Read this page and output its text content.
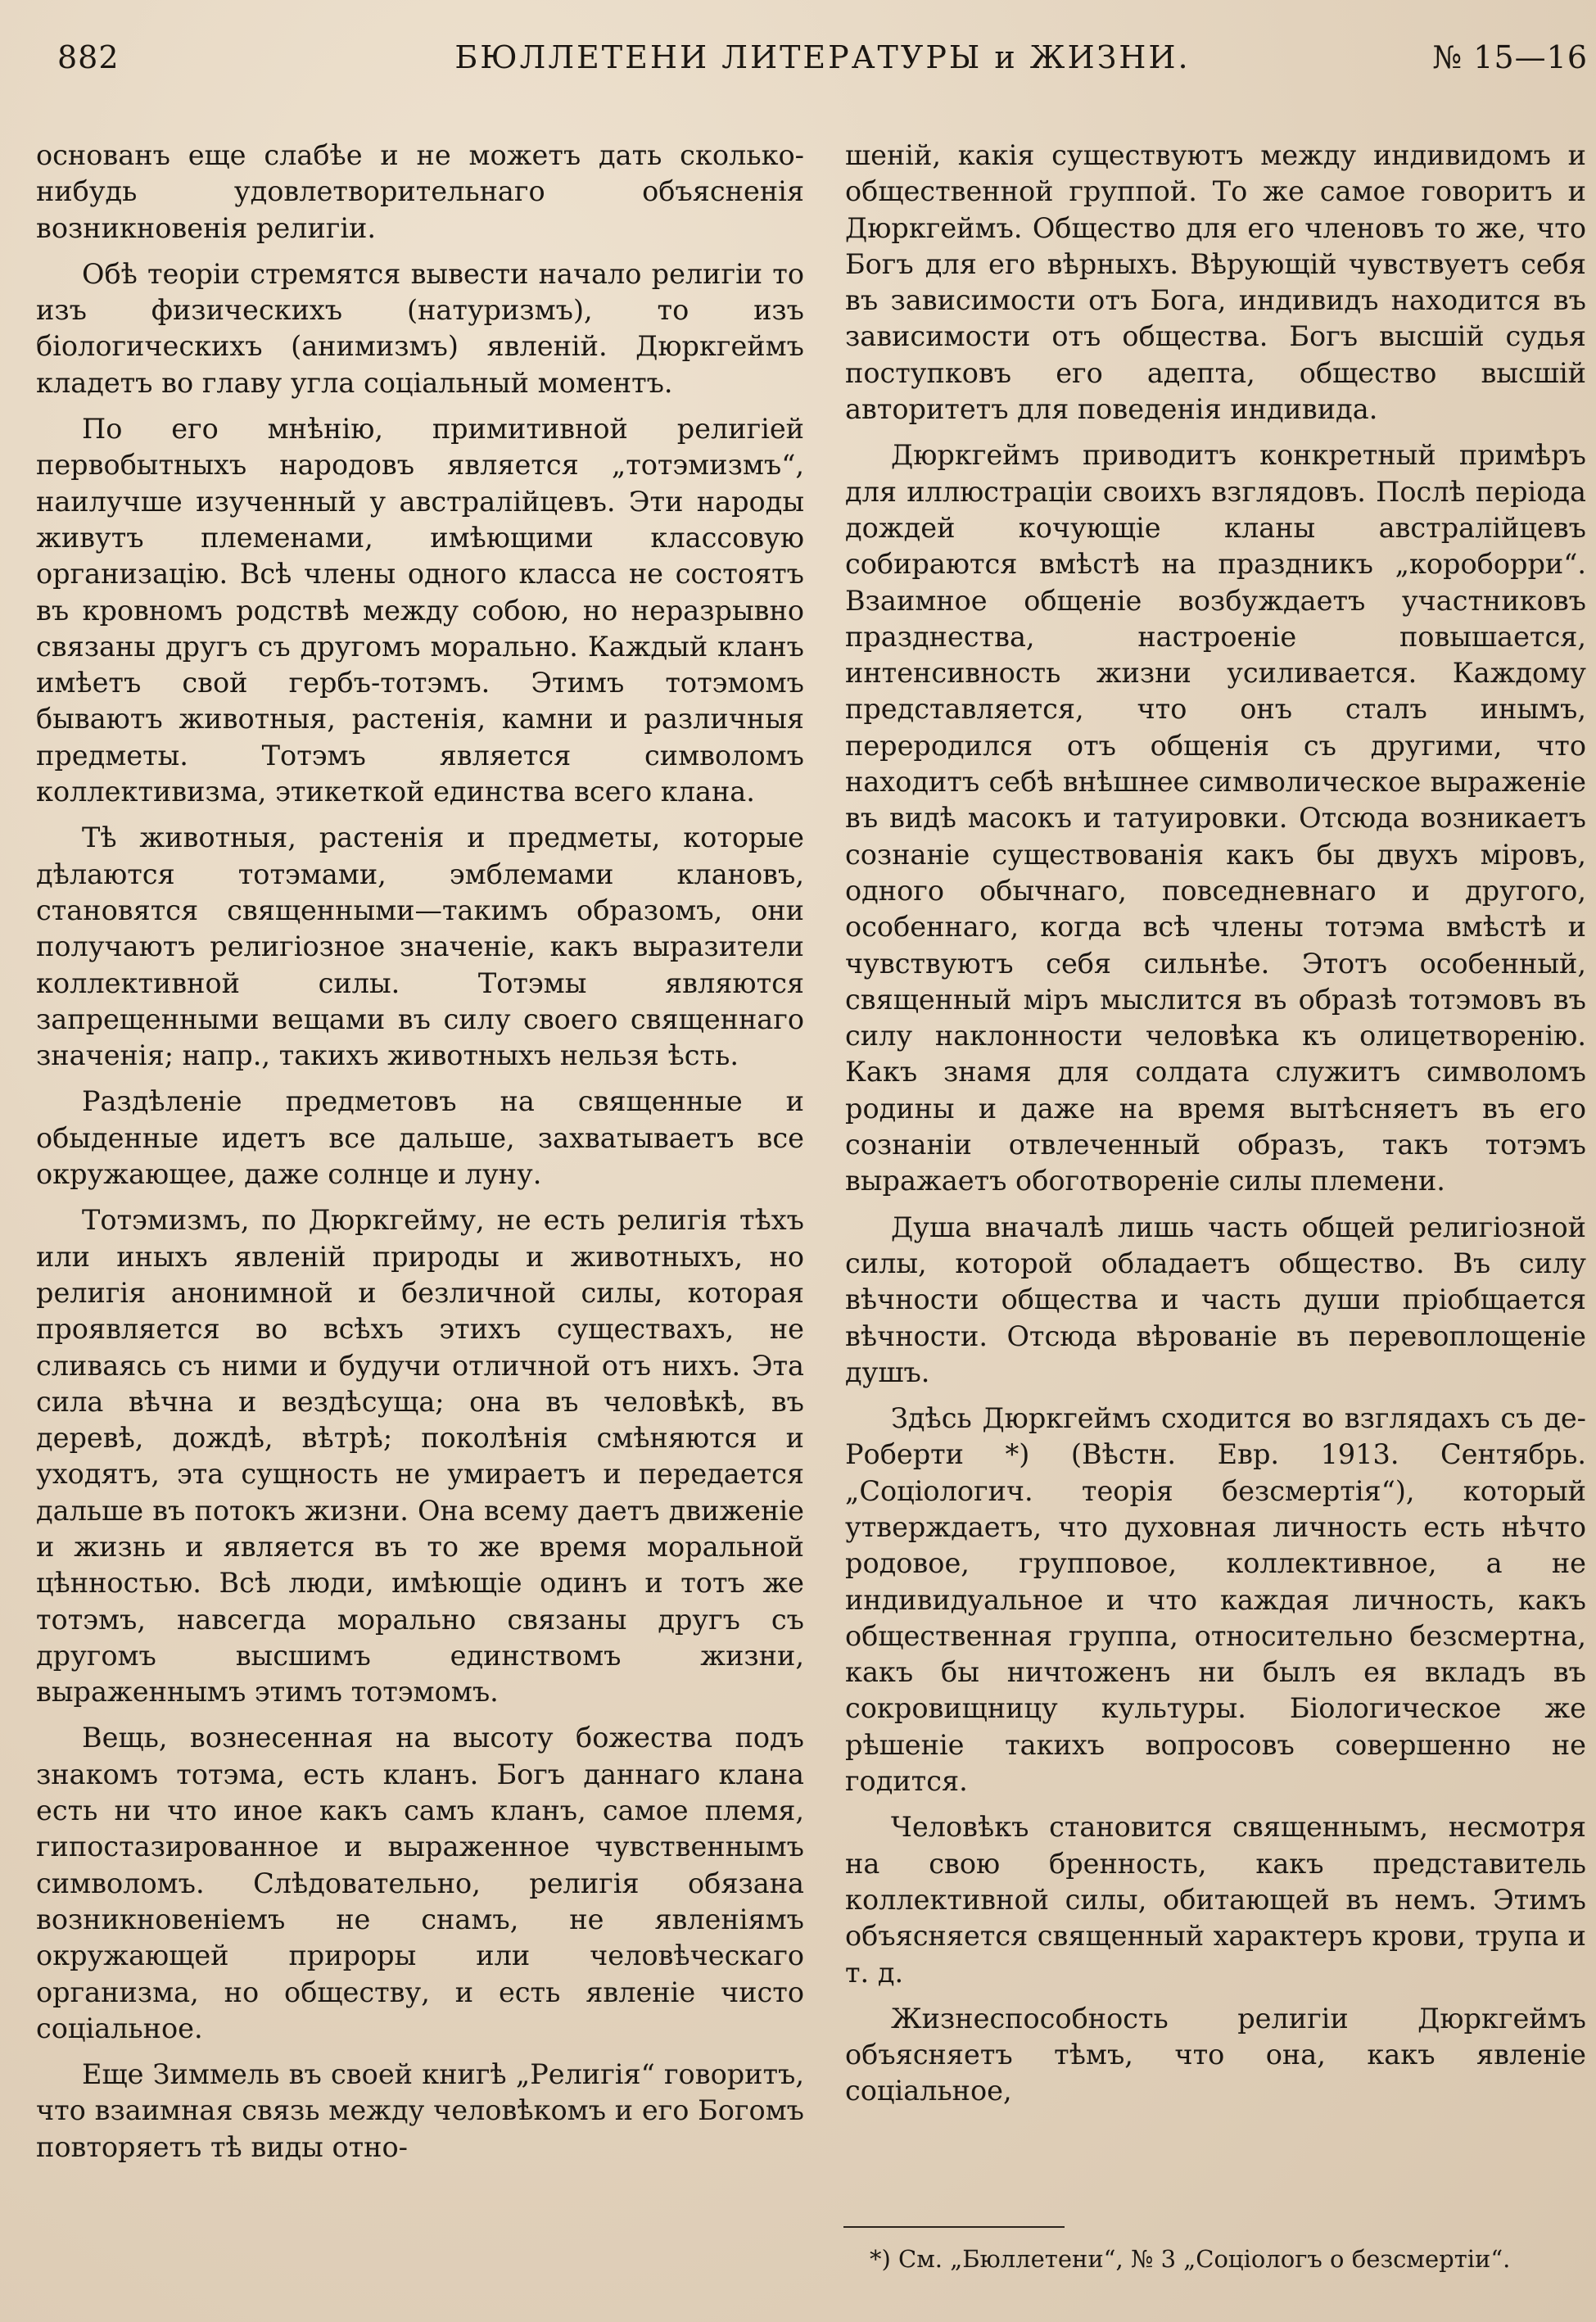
882	БЮЛЛЕТЕНИ ЛИТЕРАТУРЫ и ЖИЗНИ.	№ 15—16

основанъ еще слабѣе и не можетъ дать сколько-нибудь удовлетворительнаго объясненія возникновенія религіи.

Обѣ теоріи стремятся вывести начало религіи то изъ физическихъ (натуризмъ), то изъ біологическихъ (анимизмъ) явленій. Дюркгеймъ кладетъ во главу угла соціальный моментъ.

По его мнѣнію, примитивной религіей первобытныхъ народовъ является „тотэмизмъ“, наилучше изученный у австралійцевъ. Эти народы живутъ племенами, имѣющими классовую организацію. Всѣ члены одного класса не состоятъ въ кровномъ родствѣ между собою, но неразрывно связаны другъ съ другомъ морально. Каждый кланъ имѣетъ свой гербъ-тотэмъ. Этимъ тотэмомъ бываютъ животныя, растенія, камни и различныя предметы. Тотэмъ является символомъ коллективизма, этикеткой единства всего клана.

Тѣ животныя, растенія и предметы, которые дѣлаются тотэмами, эмблемами клановъ, становятся священными—такимъ образомъ, они получаютъ религіозное значеніе, какъ выразители коллективной силы. Тотэмы являются запрещенными вещами въ силу своего священнаго значенія; напр., такихъ животныхъ нельзя ѣсть.

Раздѣленіе предметовъ на священные и обыденные идетъ все дальше, захватываетъ все окружающее, даже солнце и луну.

Тотэмизмъ, по Дюркгейму, не есть религія тѣхъ или иныхъ явленій природы и животныхъ, но религія анонимной и безличной силы, которая проявляется во всѣхъ этихъ существахъ, не сливаясь съ ними и будучи отличной отъ нихъ. Эта сила вѣчна и вездѣсуща; она въ человѣкѣ, въ деревѣ, дождѣ, вѣтрѣ; поколѣнія смѣняются и уходятъ, эта сущность не умираетъ и передается дальше въ потокъ жизни. Она всему даетъ движеніе и жизнь и является въ то же время моральной цѣнностью. Всѣ люди, имѣющіе одинъ и тотъ же тотэмъ, навсегда морально связаны другъ съ другомъ высшимъ единствомъ жизни, выраженнымъ этимъ тотэмомъ.

Вещь, вознесенная на высоту божества подъ знакомъ тотэма, есть кланъ. Богъ даннаго клана есть ни что иное какъ самъ кланъ, самое племя, гипостазированное и выраженное чувственнымъ символомъ. Слѣдовательно, религія обязана возникновеніемъ не снамъ, не явленіямъ окружающей прироры или человѣческаго организма, но обществу, и есть явленіе чисто соціальное.

Еще Зиммель въ своей книгѣ „Религія“ говоритъ, что взаимная связь между человѣкомъ и его Богомъ повторяетъ тѣ виды отно-

шеній, какія существуютъ между индивидомъ и общественной группой. То же самое говоритъ и Дюркгеймъ. Общество для его членовъ то же, что Богъ для его вѣрныхъ. Вѣрующій чувствуетъ себя въ зависимости отъ Бога, индивидъ находится въ зависимости отъ общества. Богъ высшій судья поступковъ его адепта, общество высшій авторитетъ для поведенія индивида.

Дюркгеймъ приводитъ конкретный примѣръ для иллюстраціи своихъ взглядовъ. Послѣ періода дождей кочующіе кланы австралійцевъ собираются вмѣстѣ на праздникъ „короборри“. Взаимное общеніе возбуждаетъ участниковъ празднества, настроеніе повышается, интенсивность жизни усиливается. Каждому представляется, что онъ сталъ инымъ, переродился отъ общенія съ другими, что находитъ себѣ внѣшнее символическое выраженіе въ видѣ масокъ и татуировки. Отсюда возникаетъ сознаніе существованія какъ бы двухъ міровъ, одного обычнаго, повседневнаго и другого, особеннаго, когда всѣ члены тотэма вмѣстѣ и чувствуютъ себя сильнѣе. Этотъ особенный, священный міръ мыслится въ образѣ тотэмовъ въ силу наклонности человѣка къ олицетворенію. Какъ знамя для солдата служитъ символомъ родины и даже на время вытѣсняетъ въ его сознаніи отвлеченный образъ, такъ тотэмъ выражаетъ обоготвореніе силы племени.

Душа вначалѣ лишь часть общей религіозной силы, которой обладаетъ общество. Въ силу вѣчности общества и часть души пріобщается вѣчности. Отсюда вѣрованіе въ перевоплощеніе душъ.

Здѣсь Дюркгеймъ сходится во взглядахъ съ де-Роберти *) (Вѣстн. Евр. 1913. Сентябрь. „Соціологич. теорія безсмертія“), который утверждаетъ, что духовная личность есть нѣчто родовое, групповое, коллективное, а не индивидуальное и что каждая личность, какъ общественная группа, относительно безсмертна, какъ бы ничтоженъ ни былъ ея вкладъ въ сокровищницу культуры. Біологическое же рѣшеніе такихъ вопросовъ совершенно не годится.

Человѣкъ становится священнымъ, несмотря на свою бренность, какъ представитель коллективной силы, обитающей въ немъ. Этимъ объясняется священный характеръ крови, трупа и т. д.

Жизнеспособность религіи Дюркгеймъ объясняетъ тѣмъ, что она, какъ явленіе соціальное,

*) См. „Бюллетени“, № 3 „Соціологъ о безсмертіи“.
